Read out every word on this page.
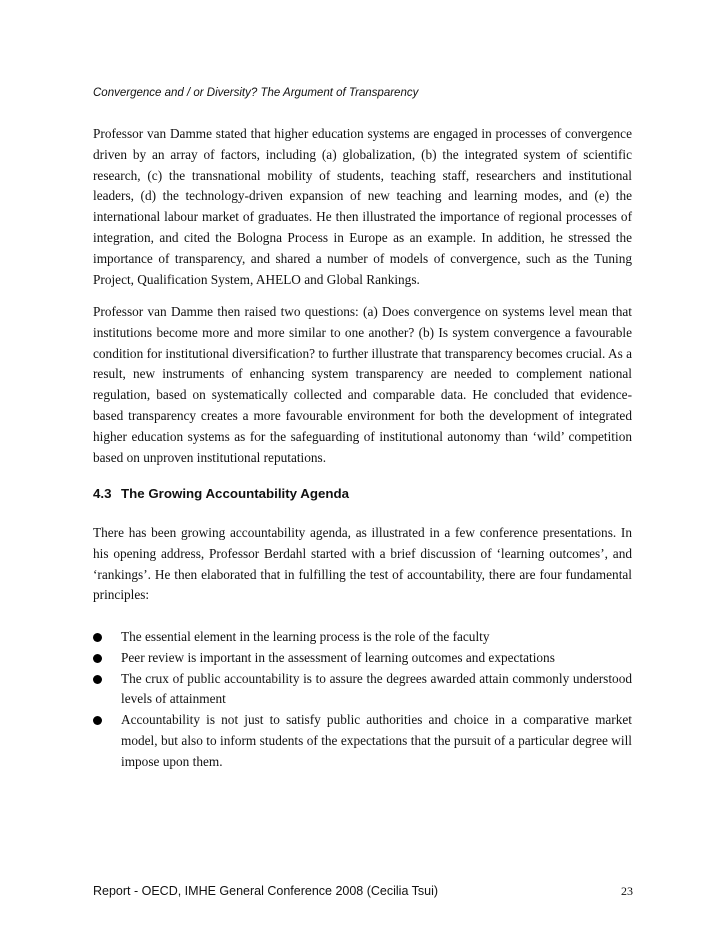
Convergence and / or Diversity? The Argument of Transparency

Professor van Damme stated that higher education systems are engaged in processes of convergence driven by an array of factors, including (a) globalization, (b) the integrated system of scientific research, (c) the transnational mobility of students, teaching staff, researchers and institutional leaders, (d) the technology-driven expansion of new teaching and learning modes, and (e) the international labour market of graduates. He then illustrated the importance of regional processes of integration, and cited the Bologna Process in Europe as an example. In addition, he stressed the importance of transparency, and shared a number of models of convergence, such as the Tuning Project, Qualification System, AHELO and Global Rankings.

Professor van Damme then raised two questions: (a) Does convergence on systems level mean that institutions become more and more similar to one another? (b) Is system convergence a favourable condition for institutional diversification? to further illustrate that transparency becomes crucial. As a result, new instruments of enhancing system transparency are needed to complement national regulation, based on systematically collected and comparable data. He concluded that evidence-based transparency creates a more favourable environment for both the development of integrated higher education systems as for the safeguarding of institutional autonomy than ‘wild’ competition based on unproven institutional reputations.

4.3 The Growing Accountability Agenda

There has been growing accountability agenda, as illustrated in a few conference presentations. In his opening address, Professor Berdahl started with a brief discussion of ‘learning outcomes’, and ‘rankings’. He then elaborated that in fulfilling the test of accountability, there are four fundamental principles:

The essential element in the learning process is the role of the faculty
Peer review is important in the assessment of learning outcomes and expectations
The crux of public accountability is to assure the degrees awarded attain commonly understood levels of attainment
Accountability is not just to satisfy public authorities and choice in a comparative market model, but also to inform students of the expectations that the pursuit of a particular degree will impose upon them.
Report - OECD, IMHE General Conference 2008 (Cecilia Tsui)	23
